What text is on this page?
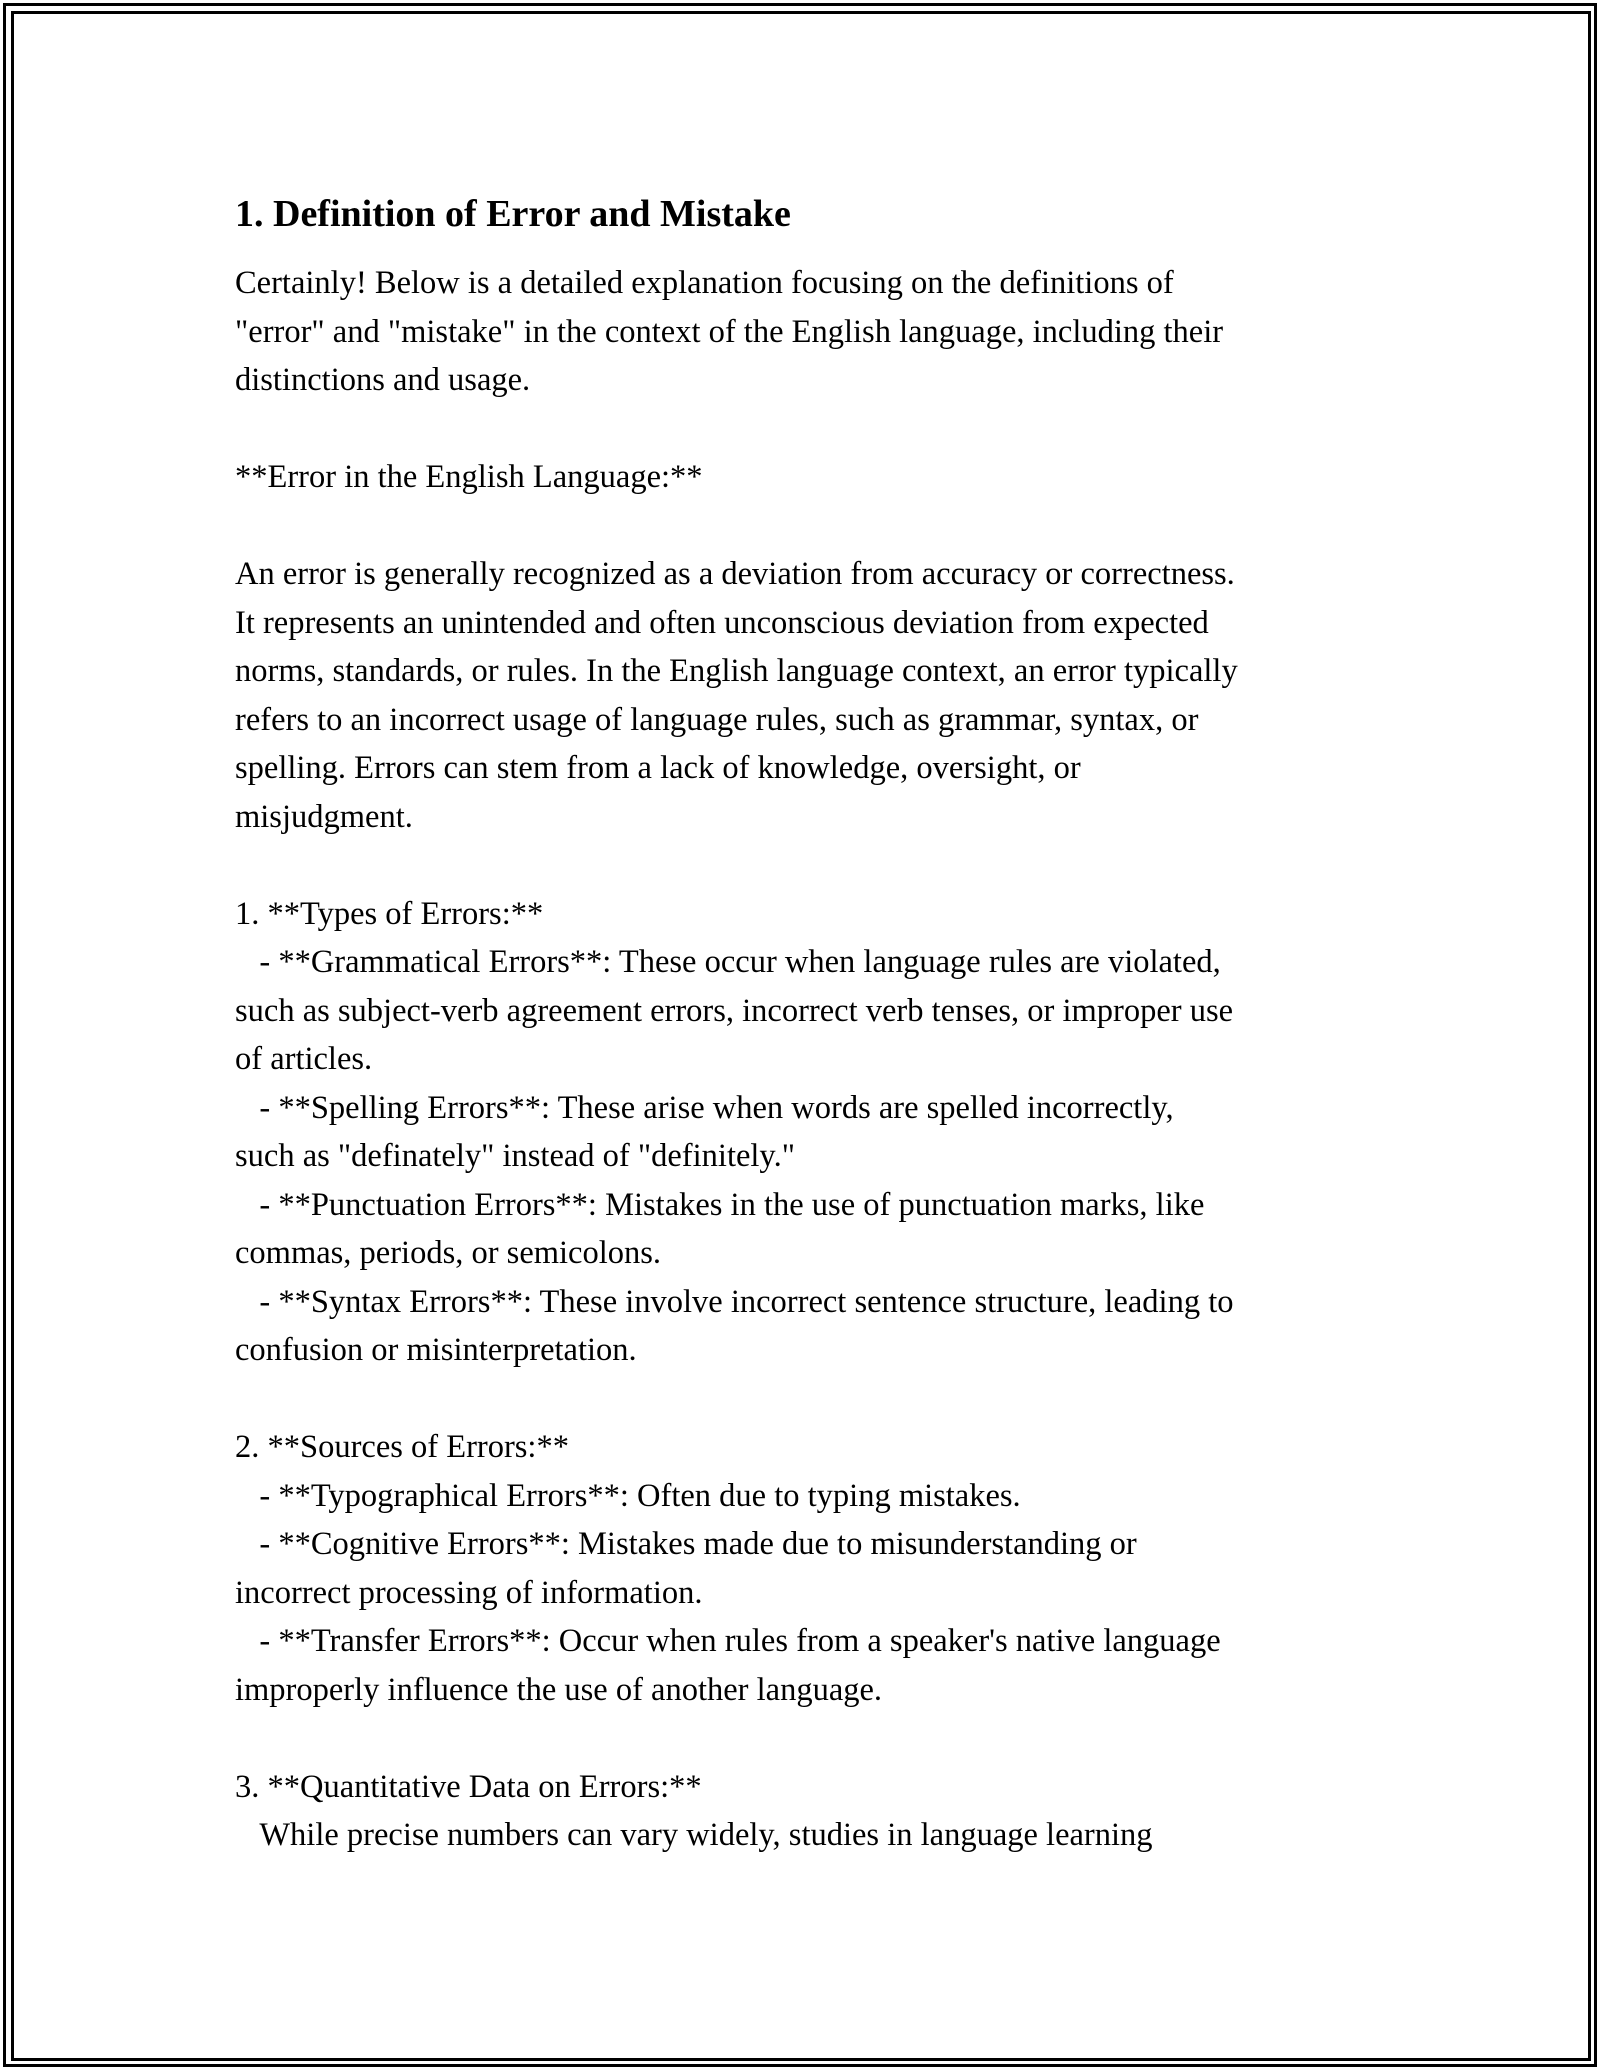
1. Definition of Error and Mistake
Certainly! Below is a detailed explanation focusing on the definitions of
"error" and "mistake" in the context of the English language, including their
distinctions and usage.

**Error in the English Language:**

An error is generally recognized as a deviation from accuracy or correctness.
It represents an unintended and often unconscious deviation from expected
norms, standards, or rules. In the English language context, an error typically
refers to an incorrect usage of language rules, such as grammar, syntax, or
spelling. Errors can stem from a lack of knowledge, oversight, or
misjudgment.

1. **Types of Errors:**
- **Grammatical Errors**: These occur when language rules are violated,
such as subject-verb agreement errors, incorrect verb tenses, or improper use
of articles.
- **Spelling Errors**: These arise when words are spelled incorrectly,
such as "definately" instead of "definitely."
- **Punctuation Errors**: Mistakes in the use of punctuation marks, like
commas, periods, or semicolons.
- **Syntax Errors**: These involve incorrect sentence structure, leading to
confusion or misinterpretation.

2. **Sources of Errors:**
- **Typographical Errors**: Often due to typing mistakes.
- **Cognitive Errors**: Mistakes made due to misunderstanding or
incorrect processing of information.
- **Transfer Errors**: Occur when rules from a speaker's native language
improperly influence the use of another language.

3. **Quantitative Data on Errors:**
While precise numbers can vary widely, studies in language learning
